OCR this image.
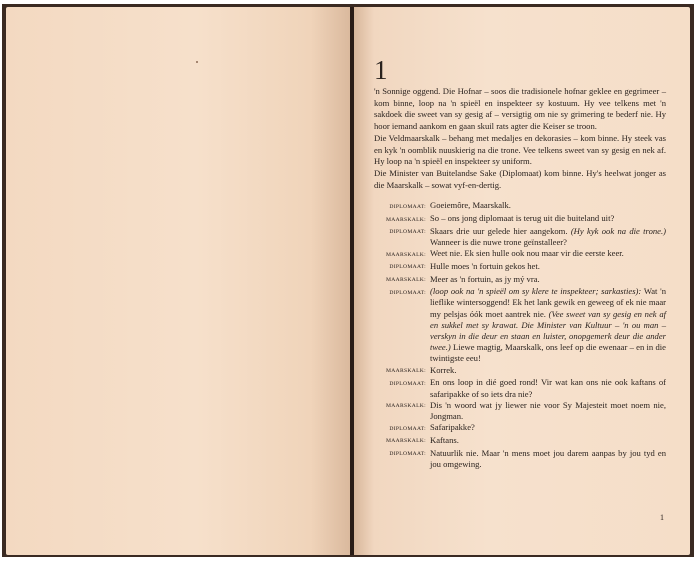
1

'n Sonnige oggend. Die Hofnar – soos die tradisionele hofnar geklee en gegrimeer – kom binne, loop na 'n spieël en inspekteer sy kostuum. Hy vee telkens met 'n sakdoek die sweet van sy gesig af – versigtig om nie sy grimering te bederf nie. Hy hoor iemand aankom en gaan skuil rats agter die Keiser se troon.

Die Veldmaarskalk – behang met medaljes en dekorasies – kom binne. Hy steek vas en kyk 'n oomblik nuuskierig na die trone. Vee telkens sweet van sy gesig en nek af. Hy loop na 'n spieël en inspekteer sy uniform.

Die Minister van Buitelandse Sake (Diplomaat) kom binne. Hy's heelwat jonger as die Maarskalk – sowat vyf-en-dertig.

DIPLOMAAT: Goeiemôre, Maarskalk.
MAARSKALK: So – ons jong diplomaat is terug uit die buiteland uit?
DIPLOMAAT: Skaars drie uur gelede hier aangekom. (Hy kyk ook na die trone.) Wanneer is die nuwe trone geïnstalleer?
MAARSKALK: Weet nie. Ek sien hulle ook nou maar vir die eerste keer.
DIPLOMAAT: Hulle moes 'n fortuin gekos het.
MAARSKALK: Meer as 'n fortuin, as jy mý vra.
DIPLOMAAT: (loop ook na 'n spieël om sy klere te inspekteer; sarkasties): Wat 'n lieflike wintersoggend! Ek het lank gewik en geweeg of ek nie maar my pelsjas óók moet aantrek nie. (Vee sweet van sy gesig en nek af en sukkel met sy krawat. Die Minister van Kultuur – 'n ou man – verskyn in die deur en staan en luister, onopgemerk deur die ander twee.) Liewe magtig, Maarskalk, ons leef op die ewenaar – en in die twintigste eeu!
MAARSKALK: Korrek.
DIPLOMAAT: En ons loop in dié goed rond! Vir wat kan ons nie ook kaftans of safaripakke of so iets dra nie?
MAARSKALK: Dis 'n woord wat jy liewer nie voor Sy Majesteit moet noem nie, Jongman.
DIPLOMAAT: Safaripakke?
MAARSKALK: Kaftans.
DIPLOMAAT: Natuurlik nie. Maar 'n mens moet jou darem aanpas by jou tyd en jou omgewing.
1
